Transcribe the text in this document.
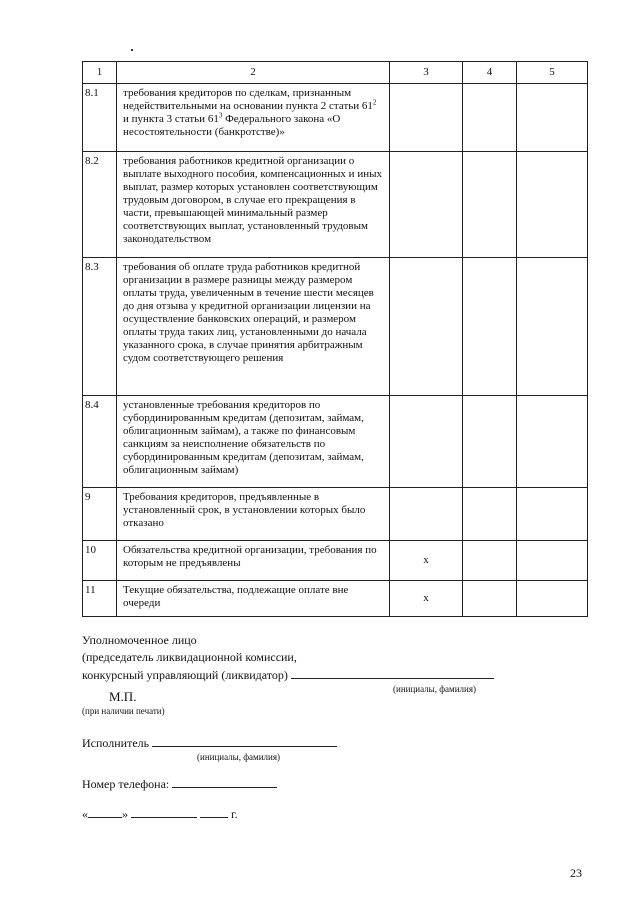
1	2	3	4	5
8.1	требования кредиторов по сделкам, признанным недействительными на основании пункта 2 статьи $61^2$ и пункта 3 статьи $61^3$ Федерального закона «О несостоятельности (банкротстве)»			
8.2	требования работников кредитной организации о выплате выходного пособия, компенсационных и иных выплат, размер которых установлен соответствующим трудовым договором, в случае его прекращения в части, превышающей минимальный размер соответствующих выплат, установленный трудовым законодательством			
8.3	требования об оплате труда работников кредитной организации в размере разницы между размером оплаты труда, увеличенным в течение шести месяцев до дня отзыва у кредитной организации лицензии на осуществление банковских операций, и размером оплаты труда таких лиц, установленными до начала указанного срока, в случае принятия арбитражным судом соответствующего решения			
8.4	установленные требования кредиторов по субординированным кредитам (депозитам, займам, облигационным займам), а также по финансовым санкциям за неисполнение обязательств по субординированным кредитам (депозитам, займам, облигационным займам)			
9	Требования кредиторов, предъявленные в установленный срок, в установлении которых было отказано			
10	Обязательства кредитной организации, требования по которым не предъявлены	х		
11	Текущие обязательства, подлежащие оплате вне очереди	х		
Уполномоченное лицо
(председатель ликвидационной комиссии,
конкурсный управляющий (ликвидатор)
(инициалы, фамилия)
М.П.
(при наличии печати)
Исполнитель
(инициалы, фамилия)
Номер телефона:
«	»	г.
23
